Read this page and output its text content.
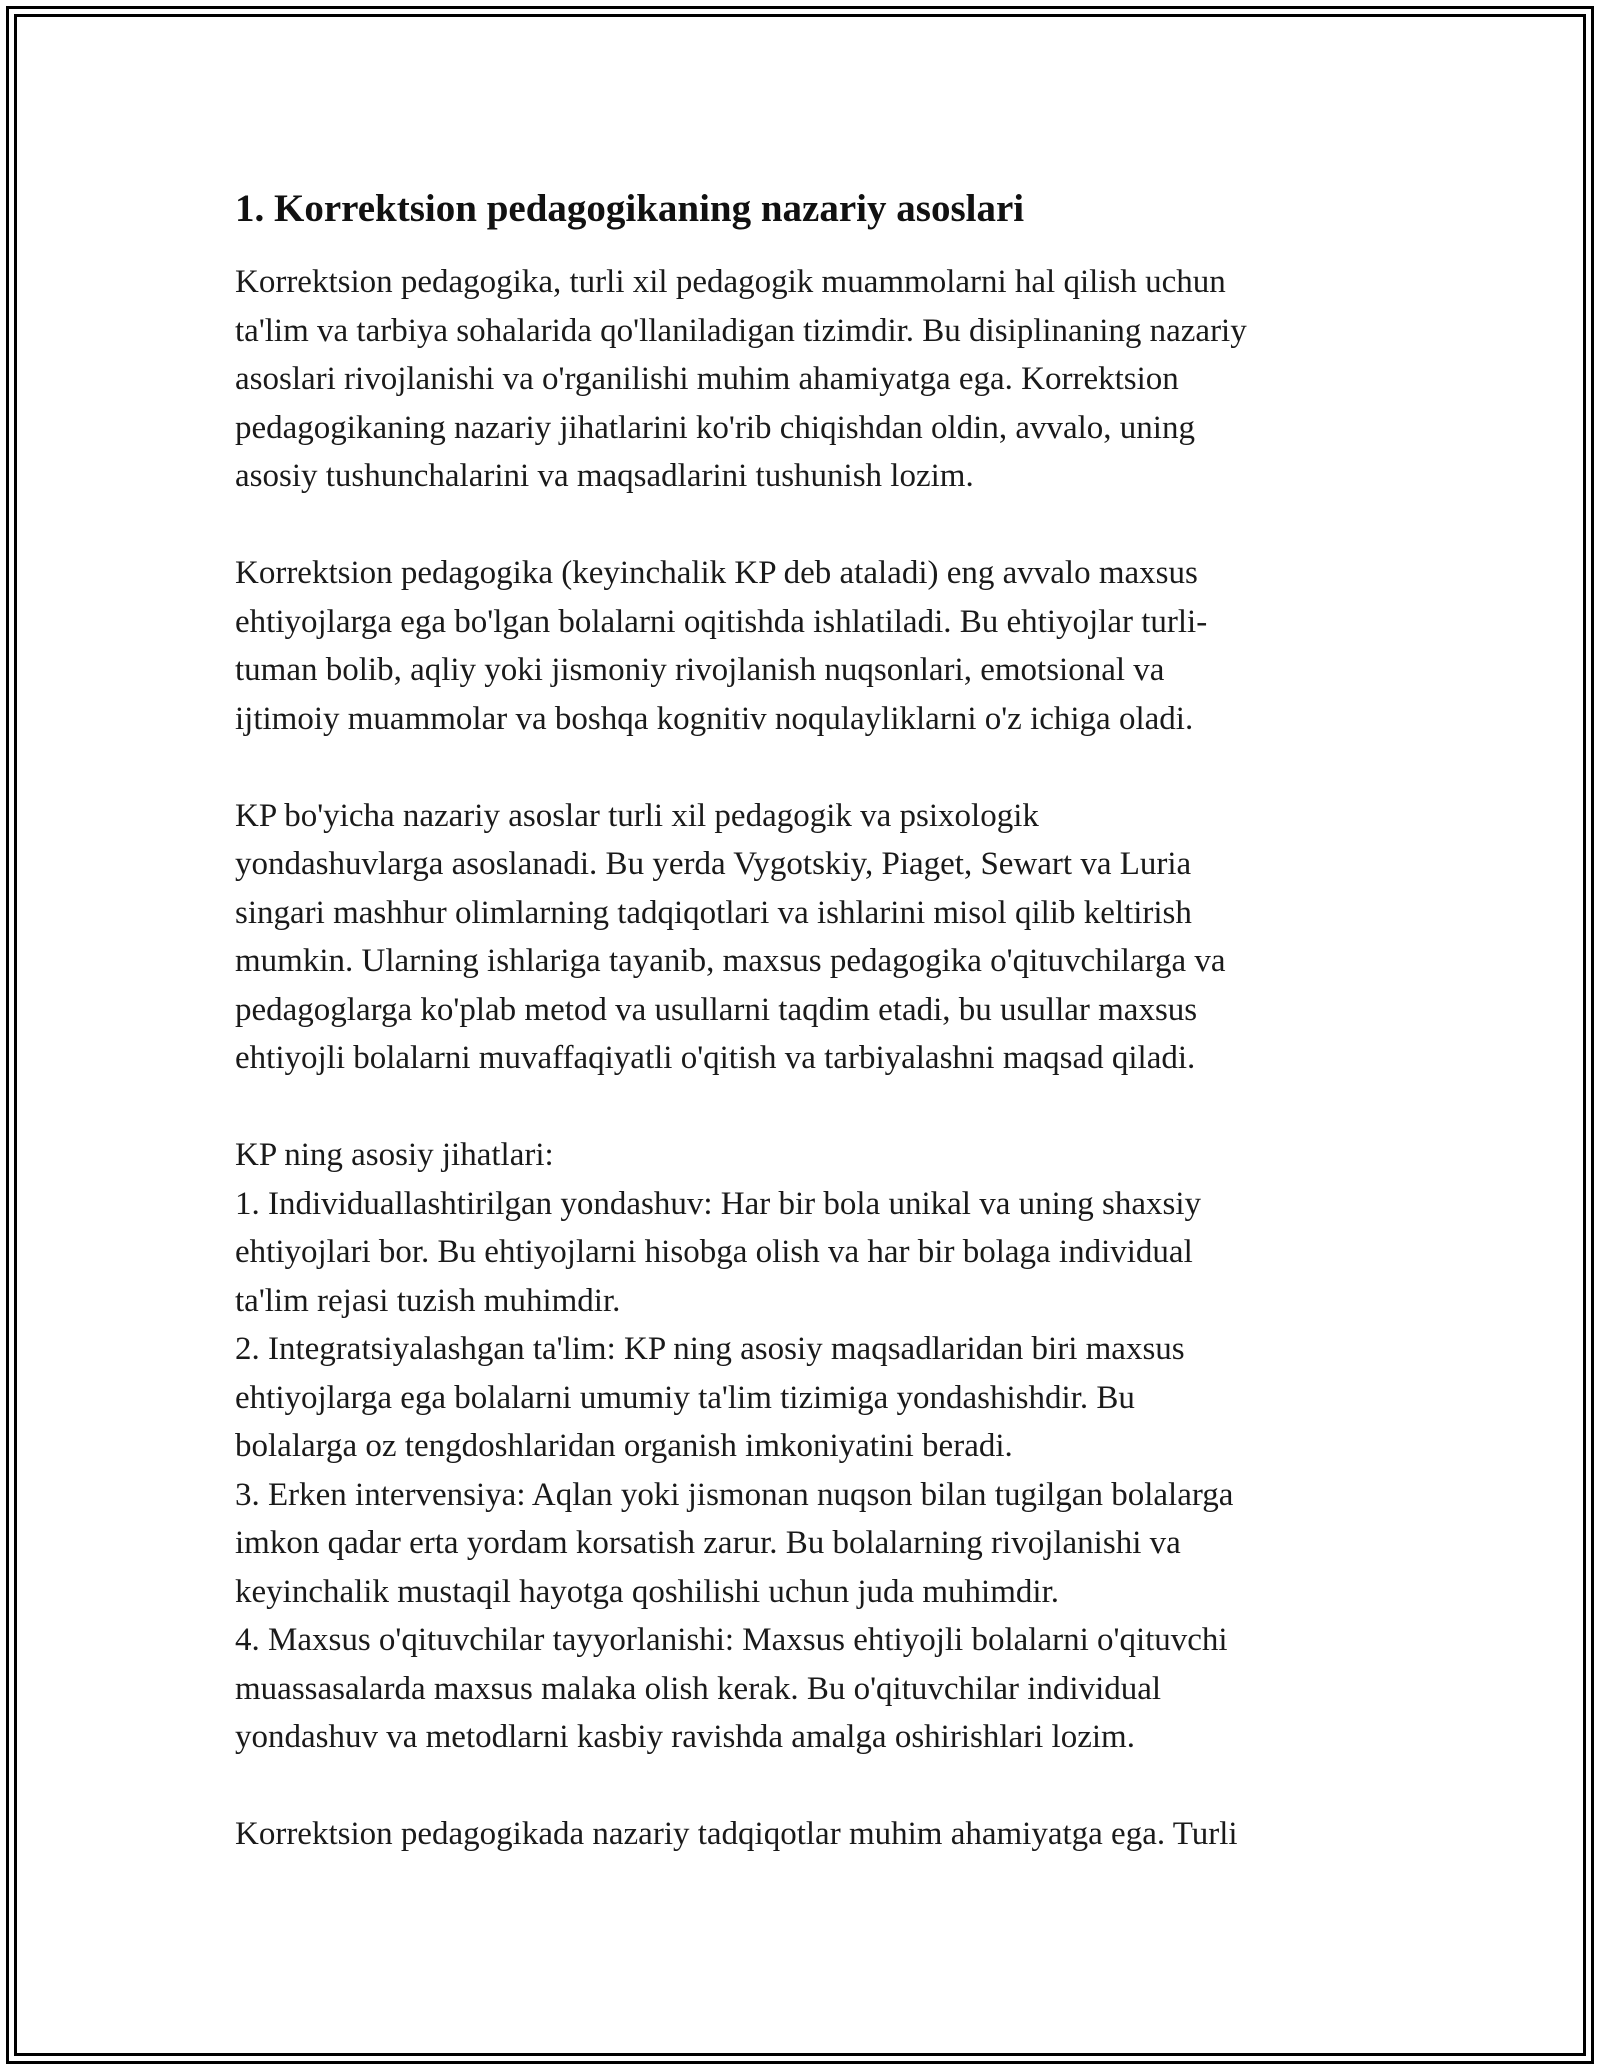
1. Korrektsion pedagogikaning nazariy asoslari
Korrektsion pedagogika, turli xil pedagogik muammolarni hal qilish uchun
ta'lim va tarbiya sohalarida qo'llaniladigan tizimdir. Bu disiplinaning nazariy
asoslari rivojlanishi va o'rganilishi muhim ahamiyatga ega. Korrektsion
pedagogikaning nazariy jihatlarini ko'rib chiqishdan oldin, avvalo, uning
asosiy tushunchalarini va maqsadlarini tushunish lozim.
Korrektsion pedagogika (keyinchalik KP deb ataladi) eng avvalo maxsus
ehtiyojlarga ega bo'lgan bolalarni oqitishda ishlatiladi. Bu ehtiyojlar turli-
tuman bolib, aqliy yoki jismoniy rivojlanish nuqsonlari, emotsional va
ijtimoiy muammolar va boshqa kognitiv noqulayliklarni o'z ichiga oladi.
KP bo'yicha nazariy asoslar turli xil pedagogik va psixologik
yondashuvlarga asoslanadi. Bu yerda Vygotskiy, Piaget, Sewart va Luria
singari mashhur olimlarning tadqiqotlari va ishlarini misol qilib keltirish
mumkin. Ularning ishlariga tayanib, maxsus pedagogika o'qituvchilarga va
pedagoglarga ko'plab metod va usullarni taqdim etadi, bu usullar maxsus
ehtiyojli bolalarni muvaffaqiyatli o'qitish va tarbiyalashni maqsad qiladi.
KP ning asosiy jihatlari:
1. Individuallashtirilgan yondashuv: Har bir bola unikal va uning shaxsiy
ehtiyojlari bor. Bu ehtiyojlarni hisobga olish va har bir bolaga individual
ta'lim rejasi tuzish muhimdir.
2. Integratsiyalashgan ta'lim: KP ning asosiy maqsadlaridan biri maxsus
ehtiyojlarga ega bolalarni umumiy ta'lim tizimiga yondashishdir. Bu
bolalarga oz tengdoshlaridan organish imkoniyatini beradi.
3. Erken intervensiya: Aqlan yoki jismonan nuqson bilan tugilgan bolalarga
imkon qadar erta yordam korsatish zarur. Bu bolalarning rivojlanishi va
keyinchalik mustaqil hayotga qoshilishi uchun juda muhimdir.
4. Maxsus o'qituvchilar tayyorlanishi: Maxsus ehtiyojli bolalarni o'qituvchi
muassasalarda maxsus malaka olish kerak. Bu o'qituvchilar individual
yondashuv va metodlarni kasbiy ravishda amalga oshirishlari lozim.
Korrektsion pedagogikada nazariy tadqiqotlar muhim ahamiyatga ega. Turli
